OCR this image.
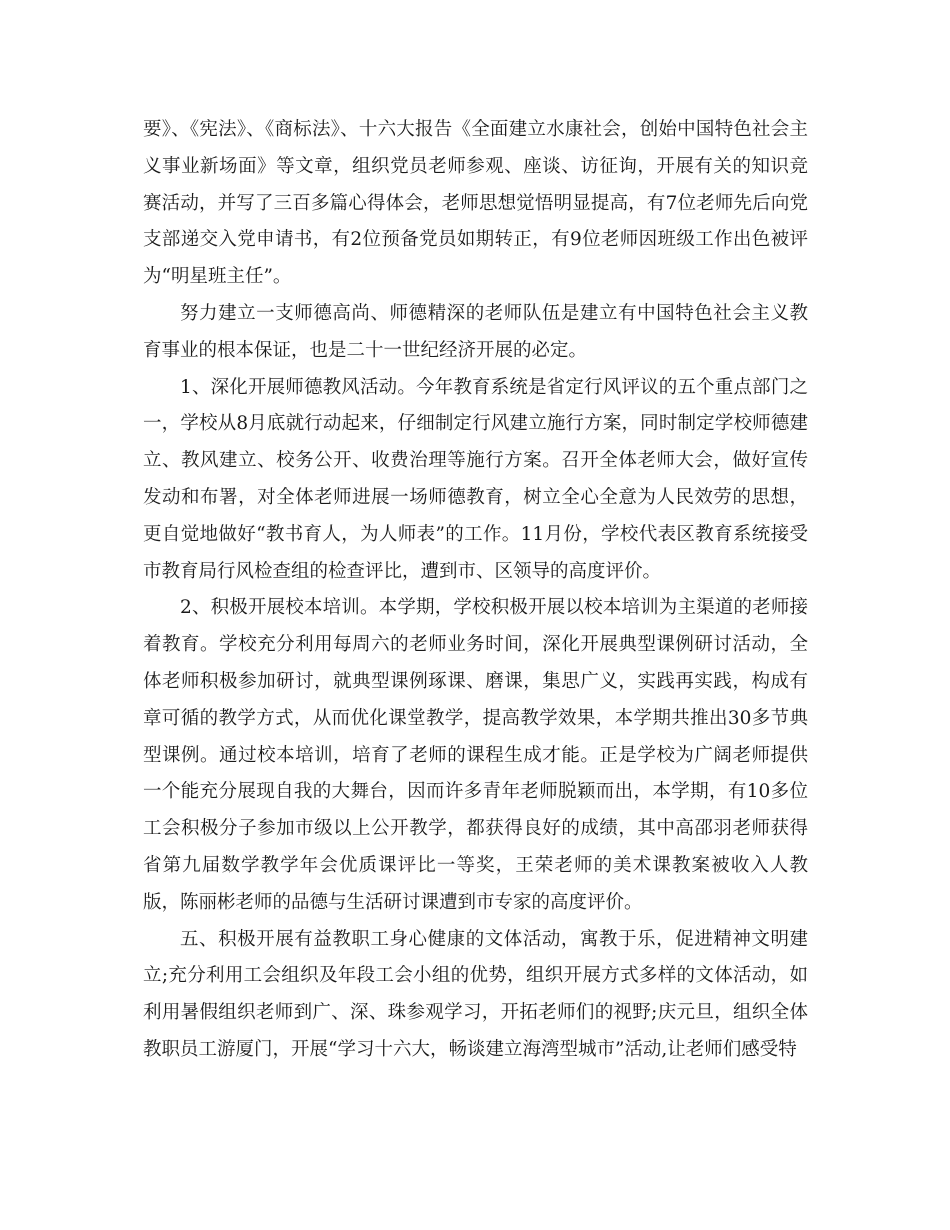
要》、《宪法》、《商标法》、十六大报告《全面建立水康社会，创始中国特色社会主义事业新场面》等文章，组织党员老师参观、座谈、访征询，开展有关的知识竞赛活动，并写了三百多篇心得体会，老师思想觉悟明显提高，有7位老师先后向党支部递交入党申请书，有2位预备党员如期转正，有9位老师因班级工作出色被评为“明星班主任”。

努力建立一支师德高尚、师德精深的老师队伍是建立有中国特色社会主义教育事业的根本保证，也是二十一世纪经济开展的必定。

1、深化开展师德教风活动。今年教育系统是省定行风评议的五个重点部门之一，学校从8月底就行动起来，仔细制定行风建立施行方案，同时制定学校师德建立、教风建立、校务公开、收费治理等施行方案。召开全体老师大会，做好宣传发动和布署，对全体老师进展一场师德教育，树立全心全意为人民效劳的思想，更自觉地做好“教书育人，为人师表”的工作。11月份，学校代表区教育系统接受市教育局行风检查组的检查评比，遭到市、区领导的高度评价。

2、积极开展校本培训。本学期，学校积极开展以校本培训为主渠道的老师接着教育。学校充分利用每周六的老师业务时间，深化开展典型课例研讨活动，全体老师积极参加研讨，就典型课例琢课、磨课，集思广义，实践再实践，构成有章可循的教学方式，从而优化课堂教学，提高教学效果，本学期共推出30多节典型课例。通过校本培训，培育了老师的课程生成才能。正是学校为广阔老师提供一个能充分展现自我的大舞台，因而许多青年老师脱颖而出，本学期，有10多位工会积极分子参加市级以上公开教学，都获得良好的成绩，其中高邵羽老师获得省第九届数学教学年会优质课评比一等奖，王荣老师的美术课教案被收入人教版，陈丽彬老师的品德与生活研讨课遭到市专家的高度评价。

五、积极开展有益教职工身心健康的文体活动，寓教于乐，促进精神文明建立;充分利用工会组织及年段工会小组的优势，组织开展方式多样的文体活动，如利用暑假组织老师到广、深、珠参观学习，开拓老师们的视野;庆元旦，组织全体教职员工游厦门，开展“学习十六大，畅谈建立海湾型城市”活动,让老师们感受特
